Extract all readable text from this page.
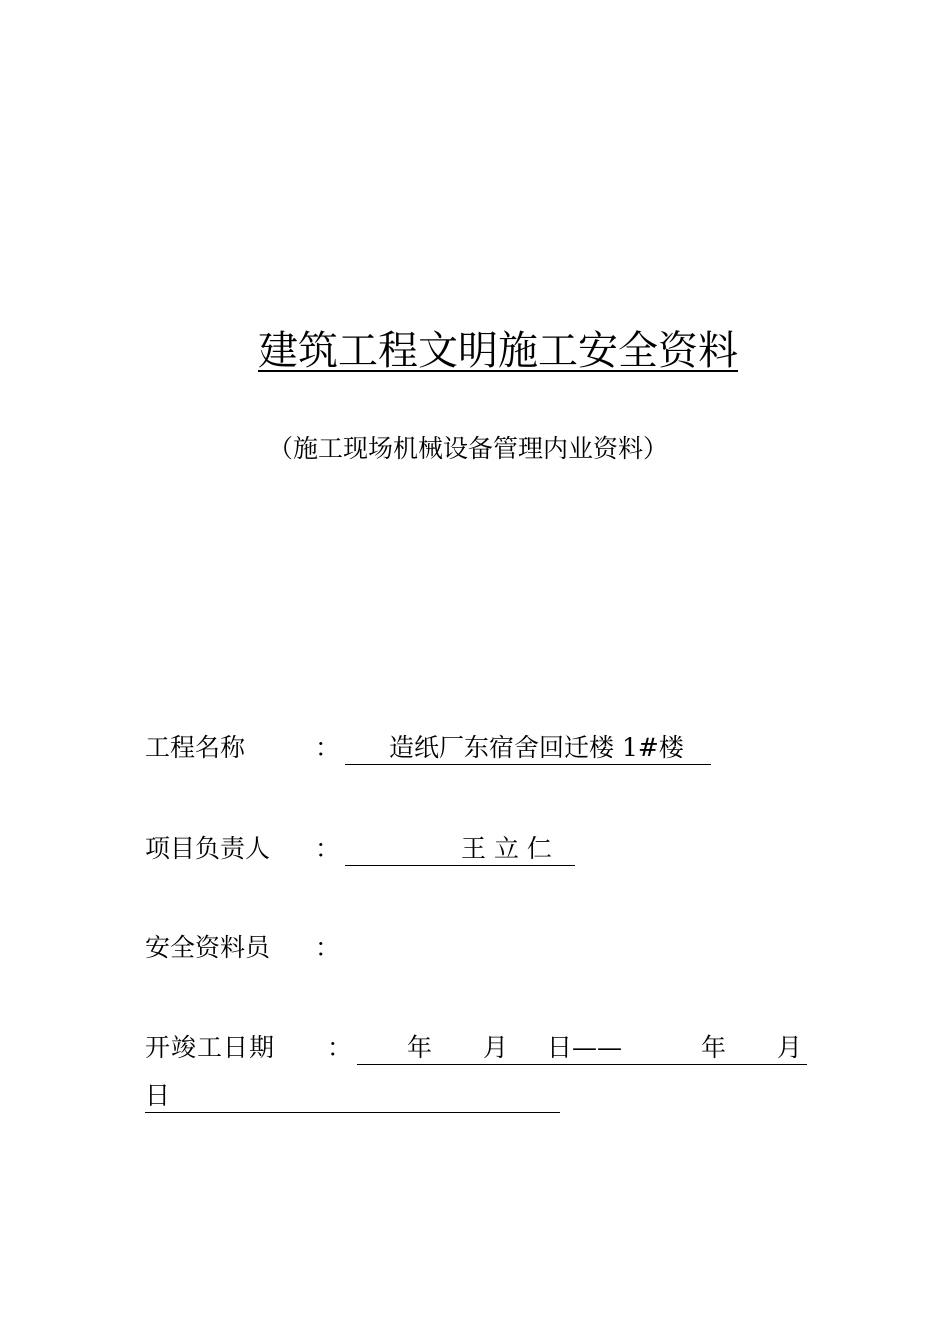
建筑工程文明施工安全资料
（施工现场机械设备管理内业资料）
工程名称	： 造纸厂东宿舍回迁楼 1#楼
项目负责人 ：	王 立 仁
安全资料员 ：
开竣工日期 ： 年 月 日——	年 月
日
